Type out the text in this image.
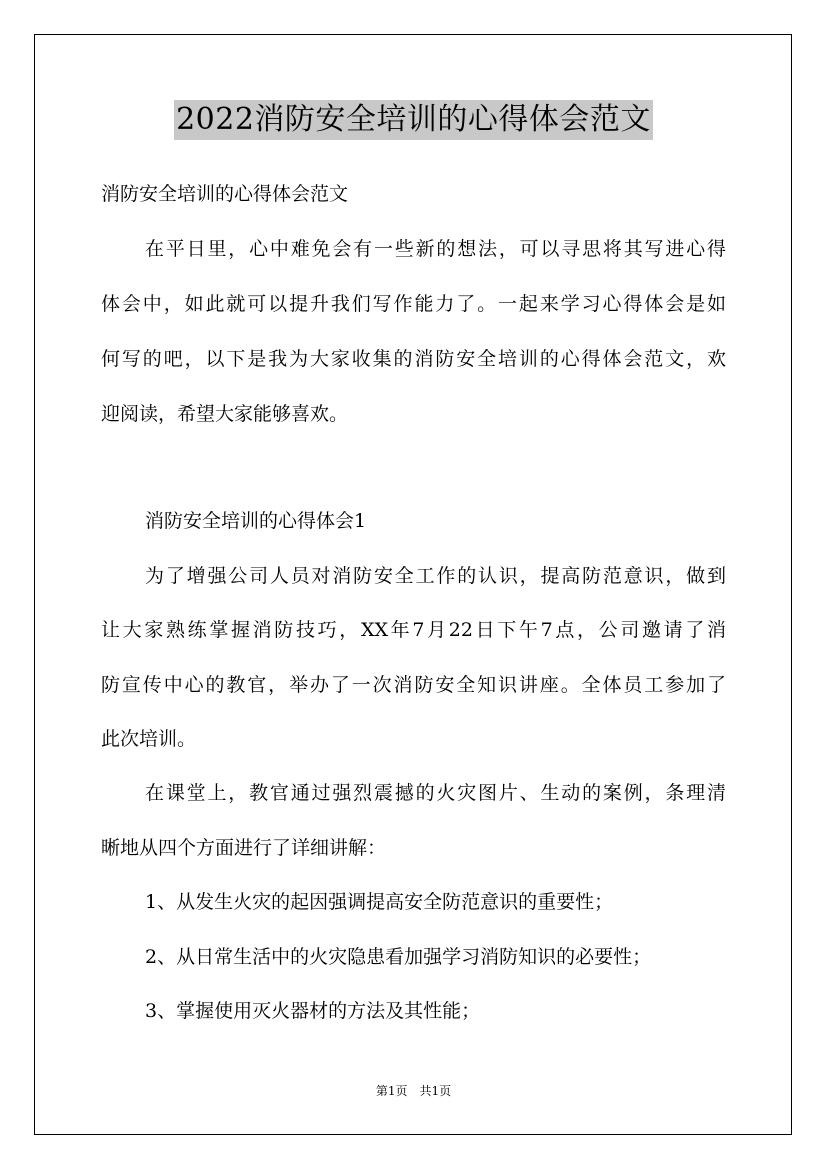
2022消防安全培训的心得体会范文
消防安全培训的心得体会范文
在平日里，心中难免会有一些新的想法，可以寻思将其写进心得
体会中，如此就可以提升我们写作能力了。一起来学习心得体会是如
何写的吧，以下是我为大家收集的消防安全培训的心得体会范文，欢
迎阅读，希望大家能够喜欢。
消防安全培训的心得体会1
为了增强公司人员对消防安全工作的认识，提高防范意识，做到
让大家熟练掌握消防技巧，XX年7月22日下午7点，公司邀请了消
防宣传中心的教官，举办了一次消防安全知识讲座。全体员工参加了
此次培训。
在课堂上，教官通过强烈震撼的火灾图片、生动的案例，条理清
晰地从四个方面进行了详细讲解：
1、从发生火灾的起因强调提高安全防范意识的重要性；
2、从日常生活中的火灾隐患看加强学习消防知识的必要性；
3、掌握使用灭火器材的方法及其性能；
第1页　共1页
